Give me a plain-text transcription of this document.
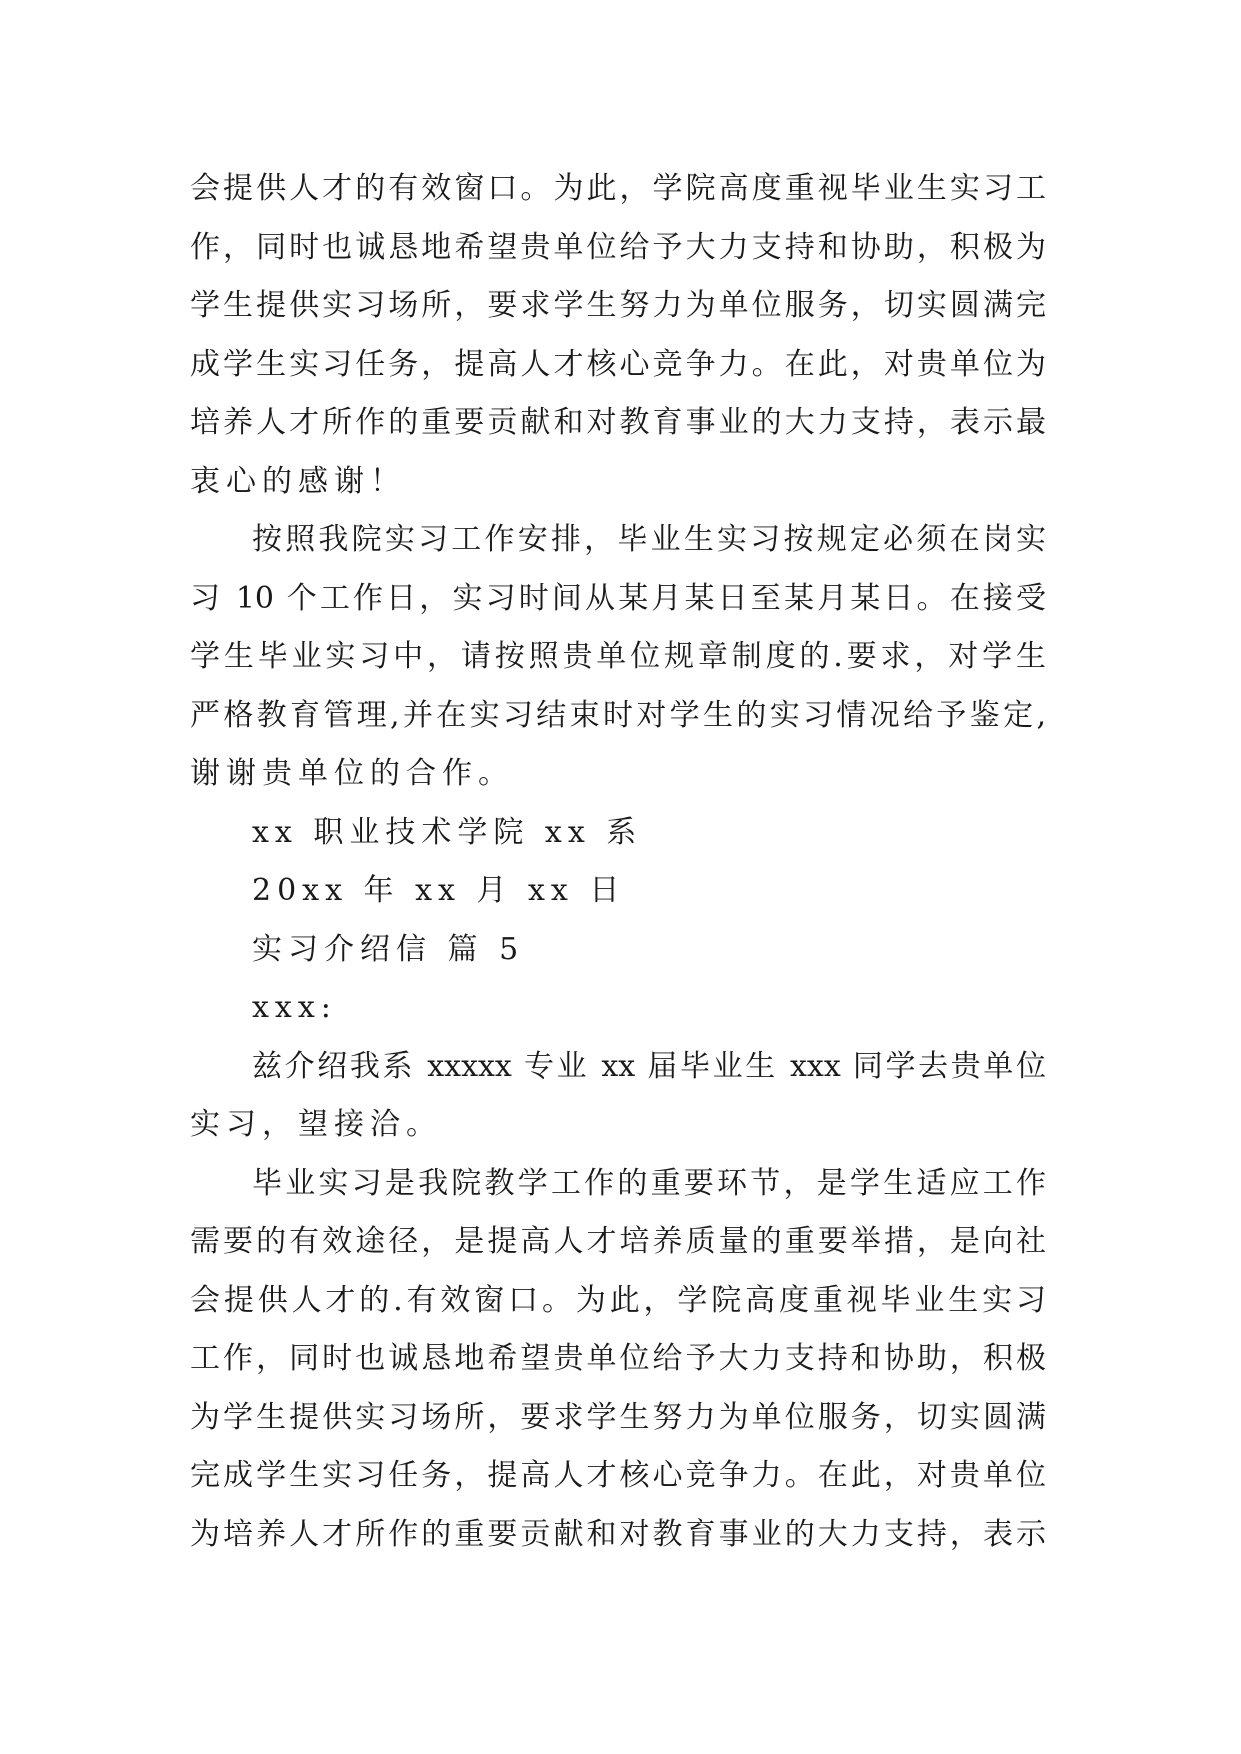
会提供人才的有效窗口。为此，学院高度重视毕业生实习工
作，同时也诚恳地希望贵单位给予大力支持和协助，积极为
学生提供实习场所，要求学生努力为单位服务，切实圆满完
成学生实习任务，提高人才核心竞争力。在此，对贵单位为
培养人才所作的重要贡献和对教育事业的大力支持，表示最
衷心的感谢！
按照我院实习工作安排，毕业生实习按规定必须在岗实
习 10 个工作日，实习时间从某月某日至某月某日。在接受
学生毕业实习中，请按照贵单位规章制度的.要求，对学生
严格教育管理,并在实习结束时对学生的实习情况给予鉴定,
谢谢贵单位的合作。
xx 职业技术学院 xx 系
20xx 年 xx 月 xx 日
实习介绍信 篇 5
xxx:
兹介绍我系 xxxxx 专业 xx 届毕业生 xxx 同学去贵单位
实习，望接洽。
毕业实习是我院教学工作的重要环节，是学生适应工作
需要的有效途径，是提高人才培养质量的重要举措，是向社
会提供人才的.有效窗口。为此，学院高度重视毕业生实习
工作，同时也诚恳地希望贵单位给予大力支持和协助，积极
为学生提供实习场所，要求学生努力为单位服务，切实圆满
完成学生实习任务，提高人才核心竞争力。在此，对贵单位
为培养人才所作的重要贡献和对教育事业的大力支持，表示
